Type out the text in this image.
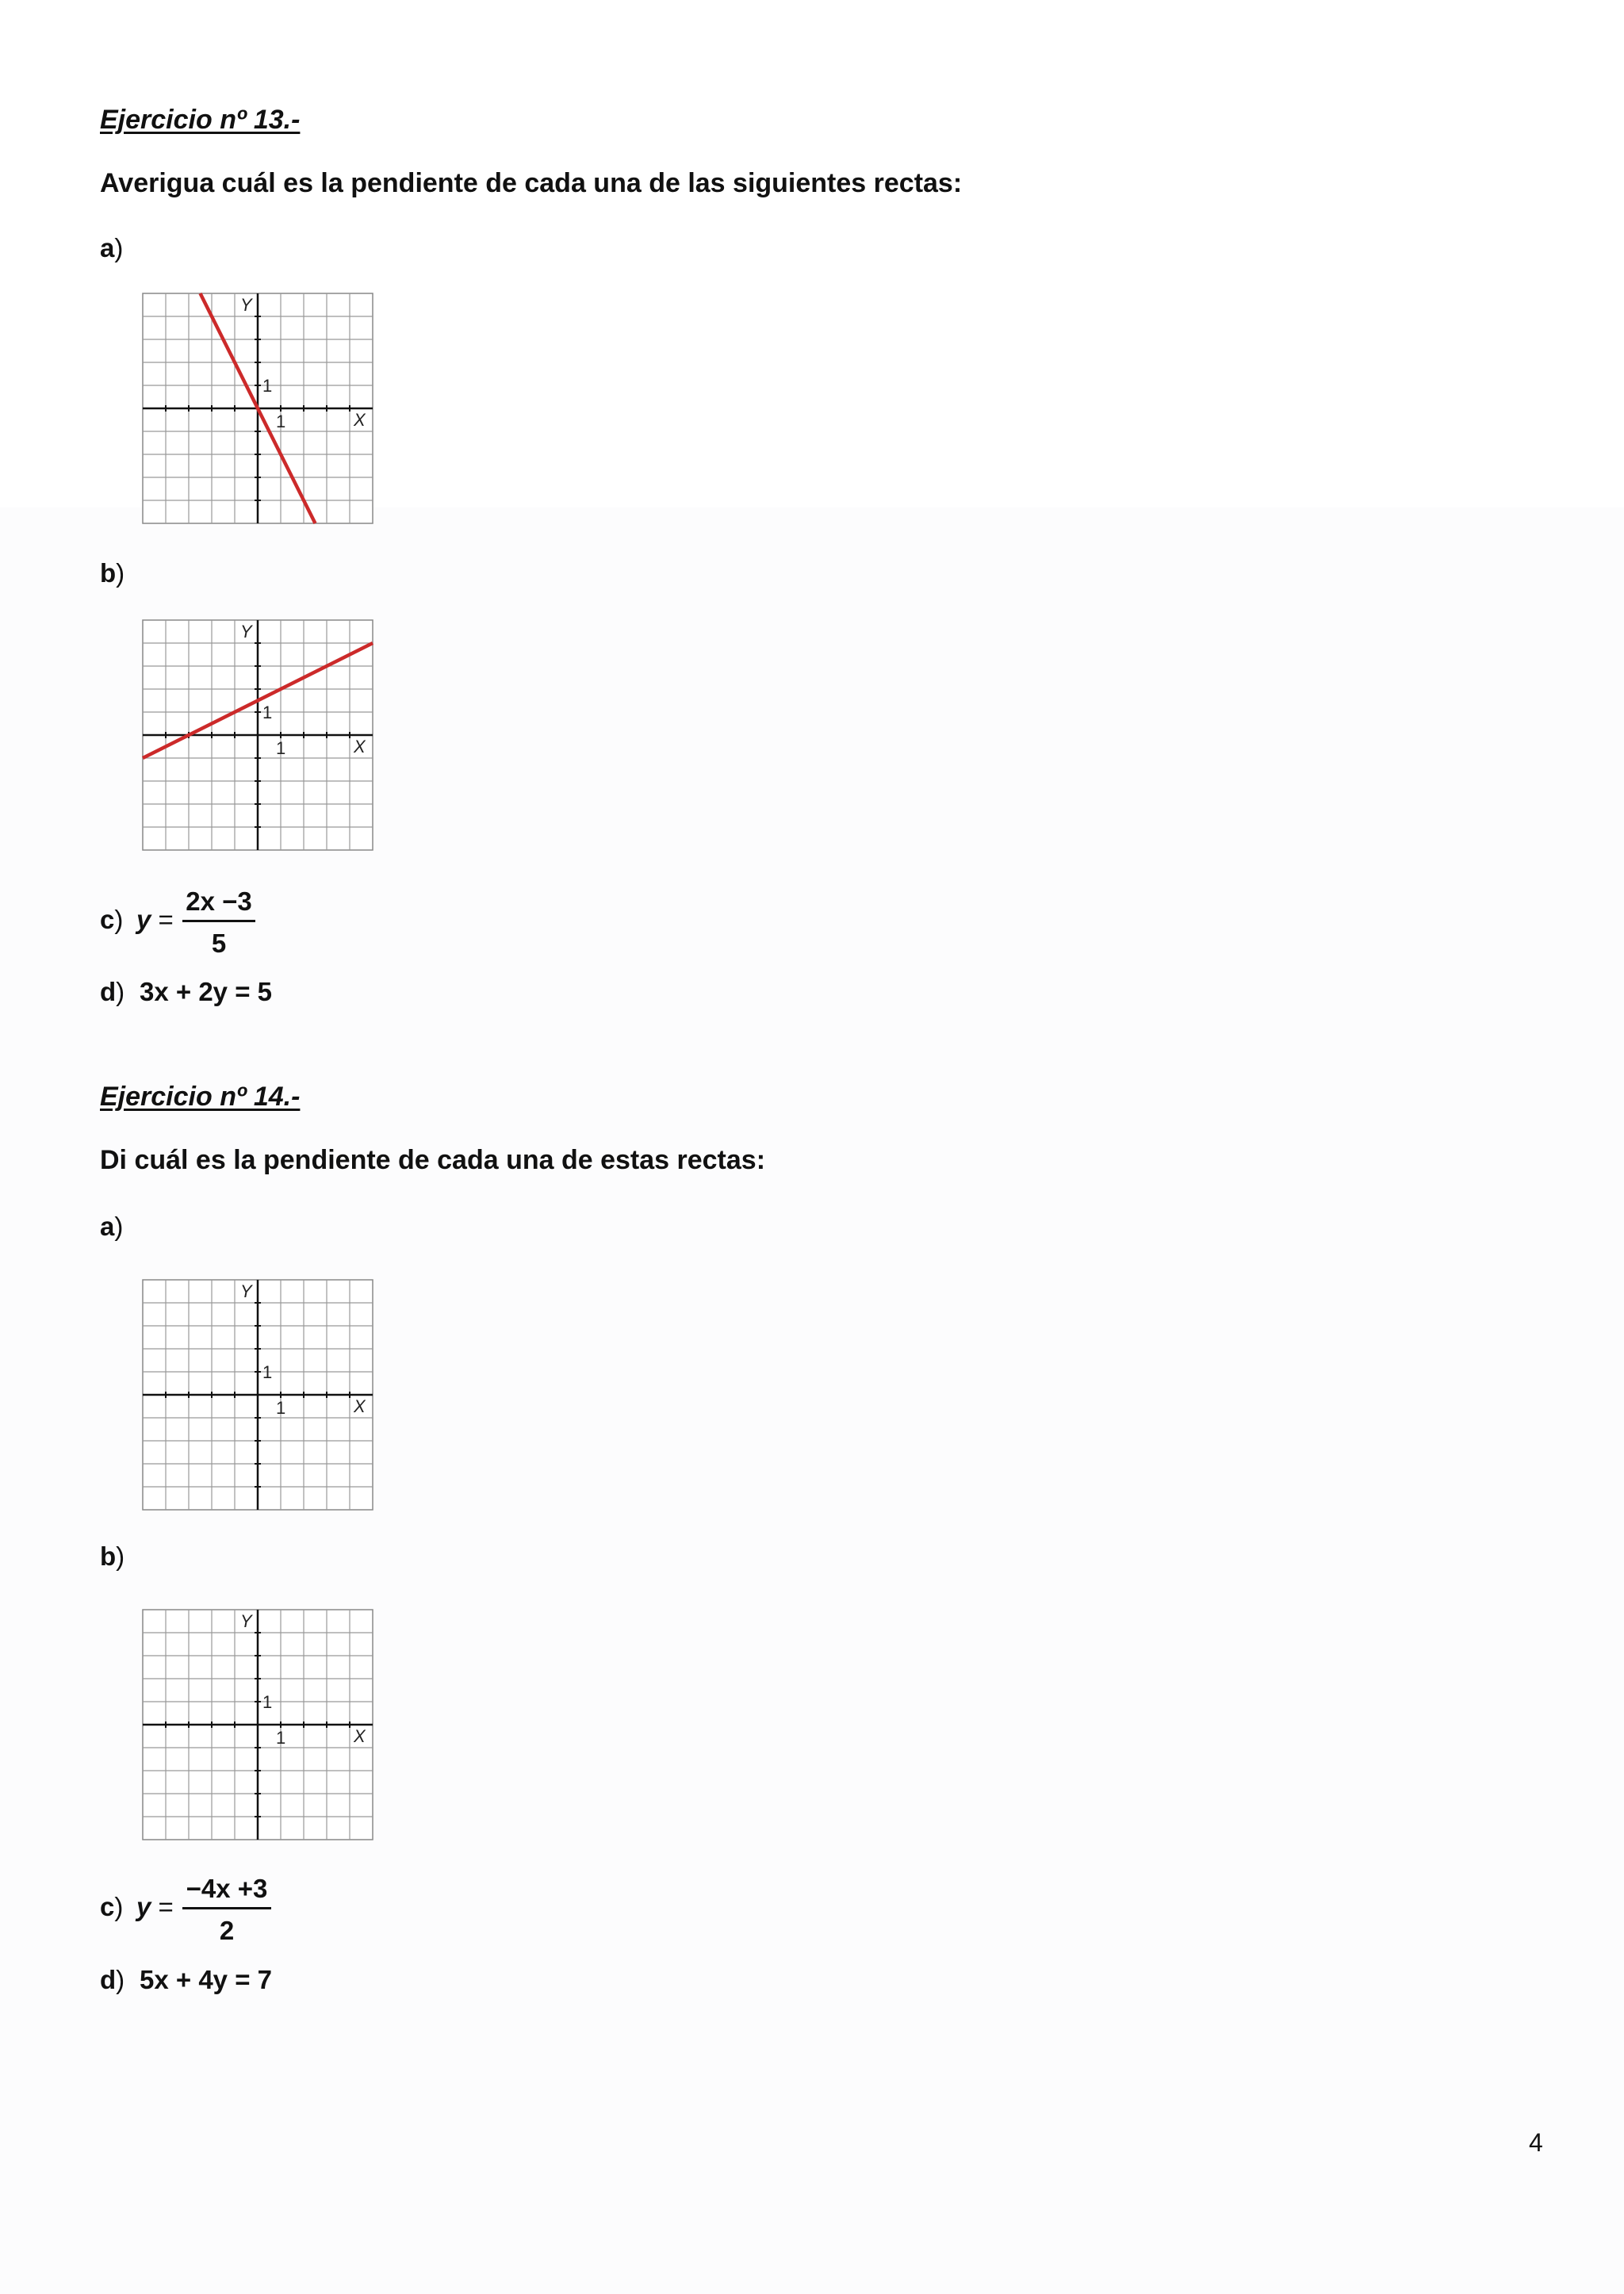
Ejercicio nº 13.-
Averigua cuál es la pendiente de cada una de las siguientes rectas:
a)
Y
X
1
1
b)
Y
X
1
1
c) $y = \frac{2x -3}{5}$
d) 3x + 2y = 5
Ejercicio nº 14.-
Di cuál es la pendiente de cada una de estas rectas:
a)
Y
X
1
1
b)
Y
X
1
1
c) $y = \frac{-4x +3}{2}$
d) 5x + 4y = 7
4
